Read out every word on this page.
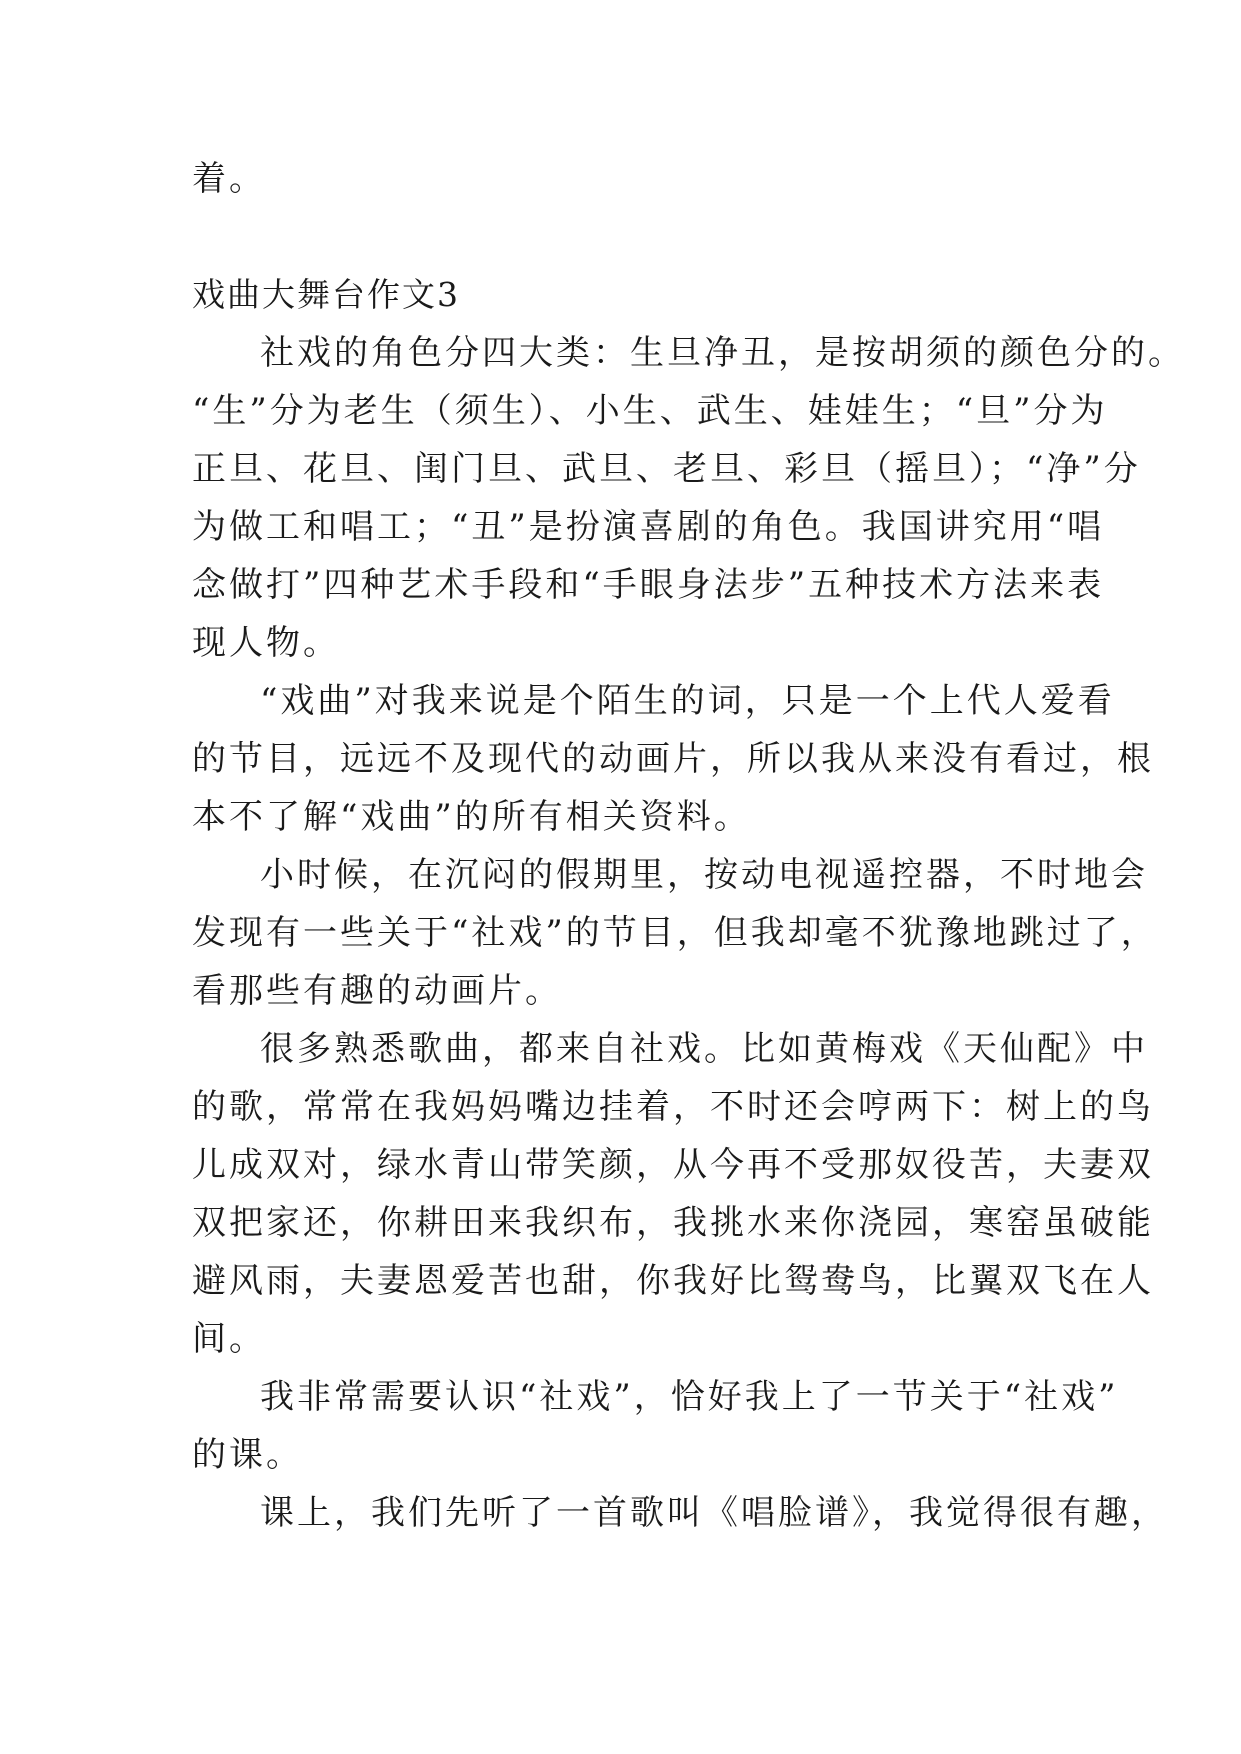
着。

戏曲大舞台作文3

社戏的角色分四大类：生旦净丑，是按胡须的颜色分的。

“生”分为老生（须生）、小生、武生、娃娃生；“旦”分为

正旦、花旦、闺门旦、武旦、老旦、彩旦（摇旦）；“净”分

为做工和唱工；“丑”是扮演喜剧的角色。我国讲究用“唱

念做打”四种艺术手段和“手眼身法步”五种技术方法来表

现人物。

“戏曲”对我来说是个陌生的词，只是一个上代人爱看

的节目，远远不及现代的动画片，所以我从来没有看过，根

本不了解“戏曲”的所有相关资料。

小时候，在沉闷的假期里，按动电视遥控器，不时地会

发现有一些关于“社戏”的节目，但我却毫不犹豫地跳过了，

看那些有趣的动画片。

很多熟悉歌曲，都来自社戏。比如黄梅戏《天仙配》中

的歌，常常在我妈妈嘴边挂着，不时还会哼两下：树上的鸟

儿成双对，绿水青山带笑颜，从今再不受那奴役苦，夫妻双

双把家还，你耕田来我织布，我挑水来你浇园，寒窑虽破能

避风雨，夫妻恩爱苦也甜，你我好比鸳鸯鸟，比翼双飞在人

间。

我非常需要认识“社戏”，恰好我上了一节关于“社戏”

的课。

课上，我们先听了一首歌叫《唱脸谱》，我觉得很有趣，
